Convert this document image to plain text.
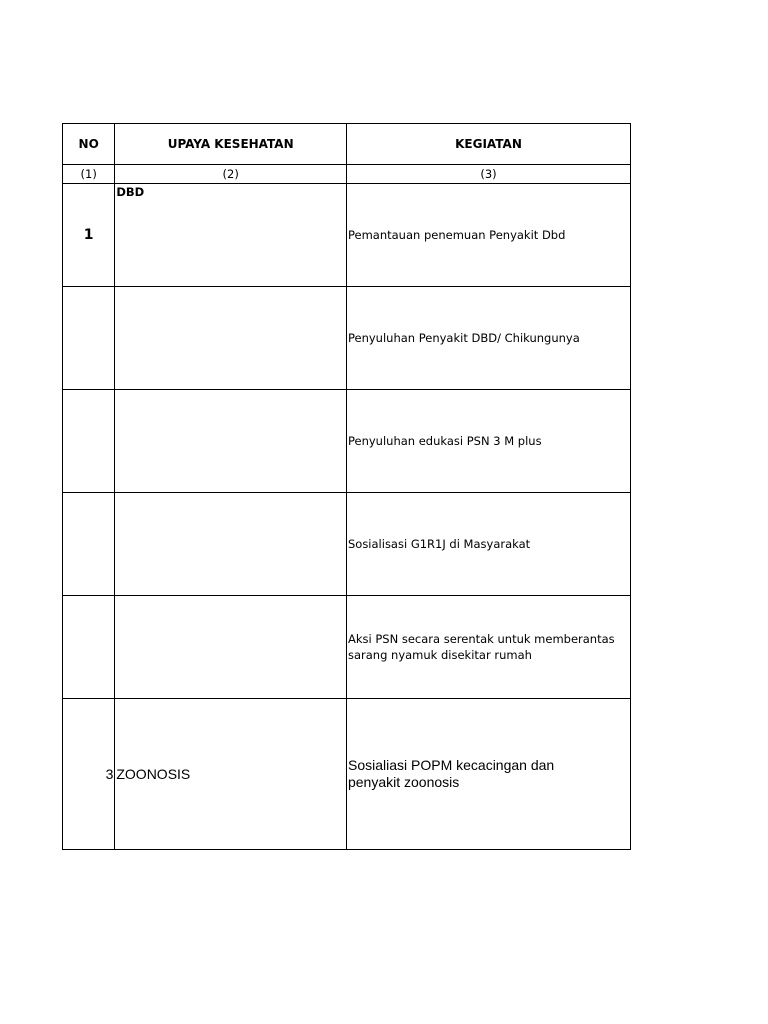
NO	UPAYA KESEHATAN	KEGIATAN
(1)	(2)	(3)
1	DBD	Pemantauan penemuan Penyakit Dbd
		Penyuluhan Penyakit DBD/ Chikungunya
		Penyuluhan edukasi PSN 3 M plus
		Sosialisasi G1R1J di Masyarakat
		Aksi PSN secara serentak untuk memberantas
sarang nyamuk disekitar rumah
3	ZOONOSIS	Sosialiasi POPM kecacingan dan
penyakit zoonosis
